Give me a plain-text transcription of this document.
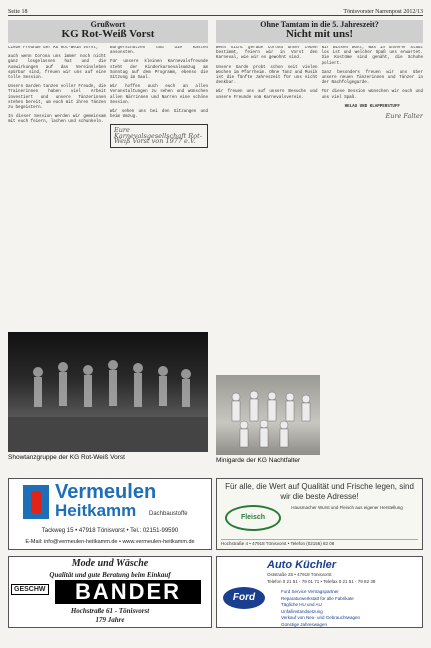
Seite 18	Tönisvorster Narrenpost 2012/13
Grußwort
KG Rot-Weiß Vorst

Liebe Freunde der KG Rot-Weiß Vorst,

auch wenn Corona uns immer noch nicht ganz losgelassen hat und die Auswirkungen auf das Vereinsleben spürbar sind, freuen wir uns auf eine tolle Session.

Unsere Garden tanzen voller Freude, die Trainerinnen haben viel Arbeit investiert und unsere Tänzerinnen stehen bereit, um euch mit ihren Tänzen zu begeistern.

In dieser Session werden wir gemeinsam mit euch feiern, lachen und schunkeln.

Bürgerschützen und die Kasten ansonsten.

Für unsere kleinen Karnevalsfreunde steht der Kinderkarnevalsumzug am Sonntag auf dem Programm, ebenso die Sitzung im Saal.

Wir hoffen auch euch an allen Veranstaltungen zu sehen und wünschen allen Närrinnen und Narren eine schöne Session.

Wir sehen uns bei den Sitzungen und beim Umzug.

Eure Karnevalsgesellschaft Rot-Weiß Vorst von 1977 e.V.
Showtanzgruppe der KG Rot-Weiß Vorst
Ohne Tamtam in die 5. Jahreszeit?
Nicht mit uns!

Wenn nicht gerade Corona unser Leben bestimmt, feiern wir in Vorst den Karneval, wie wir es gewohnt sind.

Unsere Garde probt schon seit vielen Wochen im Pfarrheim. Ohne Tanz und Musik ist die fünfte Jahreszeit für uns nicht denkbar.

Wir freuen uns auf unsere Besuche und unsere Freunde vom Karnevalsverein.

Wir wissen wohl, was in unserer Stadt los ist und welcher Spaß uns erwartet. Die Kostüme sind genäht, die Schuhe poliert.

Ganz besonders freuen wir uns über unsere neuen Tänzerinnen und Tänzer in der Nachfolgegarde.

Für diese Session wünschen wir euch und uns viel Spaß.

HELAU UND KLAPPERSTUFF

Eure Falter
Minigarde der KG Nachtfalter
Vermeulen
Heitkamm Dachbaustoffe
Tackweg 15 • 47918 Tönisvorst • Tel.: 02151-99590
E-Mail: info@vermeulen-heitkamm.de • www.vermeulen-heitkamm.de
Für alle, die Wert auf Qualität und Frische legen, sind wir die beste Adresse!
Fleisch
Hausmacher Wurst und Fleisch aus eigener Herstellung
Hochstraße 4 • 47918 Tönisvorst • Telefon (02156) 82 08
Mode und Wäsche
Qualität und gute Beratung beim Einkauf
GESCHW	BANDER
Hochstraße 61 - Tönisvorst
179 Jahre
Auto Küchler
Oststraße 25 • 47918 Tönisvorst
Telefon 0 21 51 - 79 01 71 • Telefax 0 21 51 - 79 82 38
Ford
Ford Service Vertragspartner
Reparaturwerkstatt für alle Fabrikate
Tägliche HU und AU
Unfallinstandsetzung
Verkauf von Neu- und Gebrauchtwagen
Günstige Jahreswagen
